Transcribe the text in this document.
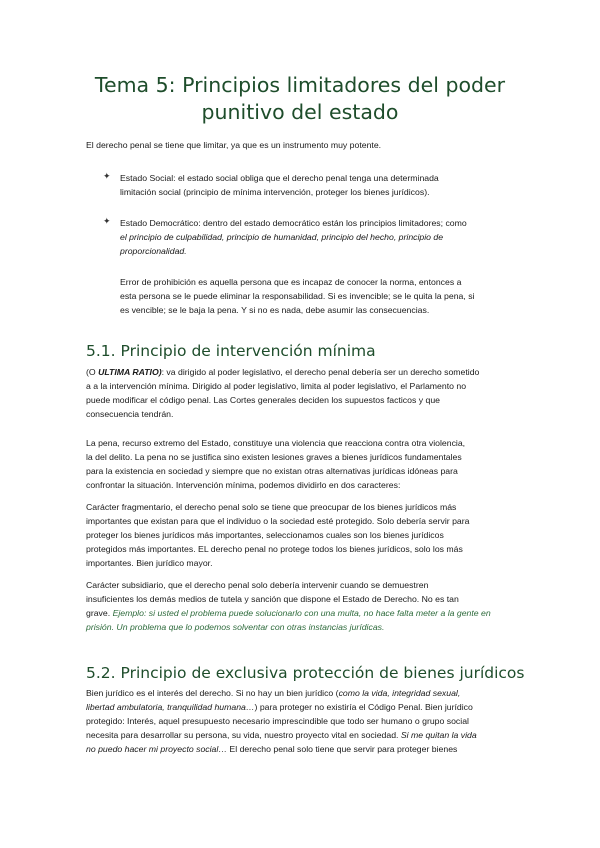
Tema 5: Principios limitadores del poder
punitivo del estado

El derecho penal se tiene que limitar, ya que es un instrumento muy potente.

✦ Estado Social: el estado social obliga que el derecho penal tenga una determinada
limitación social (principio de mínima intervención, proteger los bienes jurídicos).

✦ Estado Democrático: dentro del estado democrático están los principios limitadores; como
el principio de culpabilidad, principio de humanidad, principio del hecho, principio de
proporcionalidad.

Error de prohibición es aquella persona que es incapaz de conocer la norma, entonces a
esta persona se le puede eliminar la responsabilidad. Si es invencible; se le quita la pena, si
es vencible; se le baja la pena. Y si no es nada, debe asumir las consecuencias.

5.1. Principio de intervención mínima

(O ULTIMA RATIO): va dirigido al poder legislativo, el derecho penal debería ser un derecho sometido
a a la intervención mínima. Dirigido al poder legislativo, limita al poder legislativo, el Parlamento no
puede modificar el código penal. Las Cortes generales deciden los supuestos facticos y que
consecuencia tendrán.

La pena, recurso extremo del Estado, constituye una violencia que reacciona contra otra violencia,
la del delito. La pena no se justifica sino existen lesiones graves a bienes jurídicos fundamentales
para la existencia en sociedad y siempre que no existan otras alternativas jurídicas idóneas para
confrontar la situación. Intervención mínima, podemos dividirlo en dos caracteres:

Carácter fragmentario, el derecho penal solo se tiene que preocupar de los bienes jurídicos más
importantes que existan para que el individuo o la sociedad esté protegido. Solo debería servir para
proteger los bienes jurídicos más importantes, seleccionamos cuales son los bienes jurídicos
protegidos más importantes. EL derecho penal no protege todos los bienes jurídicos, solo los más
importantes. Bien jurídico mayor.

Carácter subsidiario, que el derecho penal solo debería intervenir cuando se demuestren
insuficientes los demás medios de tutela y sanción que dispone el Estado de Derecho. No es tan
grave. Ejemplo: si usted el problema puede solucionarlo con una multa, no hace falta meter a la gente en
prisión. Un problema que lo podemos solventar con otras instancias jurídicas.

5.2. Principio de exclusiva protección de bienes jurídicos

Bien jurídico es el interés del derecho. Si no hay un bien jurídico (como la vida, integridad sexual,
libertad ambulatoria, tranquilidad humana…) para proteger no existiría el Código Penal. Bien jurídico
protegido: Interés, aquel presupuesto necesario imprescindible que todo ser humano o grupo social
necesita para desarrollar su persona, su vida, nuestro proyecto vital en sociedad. Si me quitan la vida
no puedo hacer mi proyecto social… El derecho penal solo tiene que servir para proteger bienes
